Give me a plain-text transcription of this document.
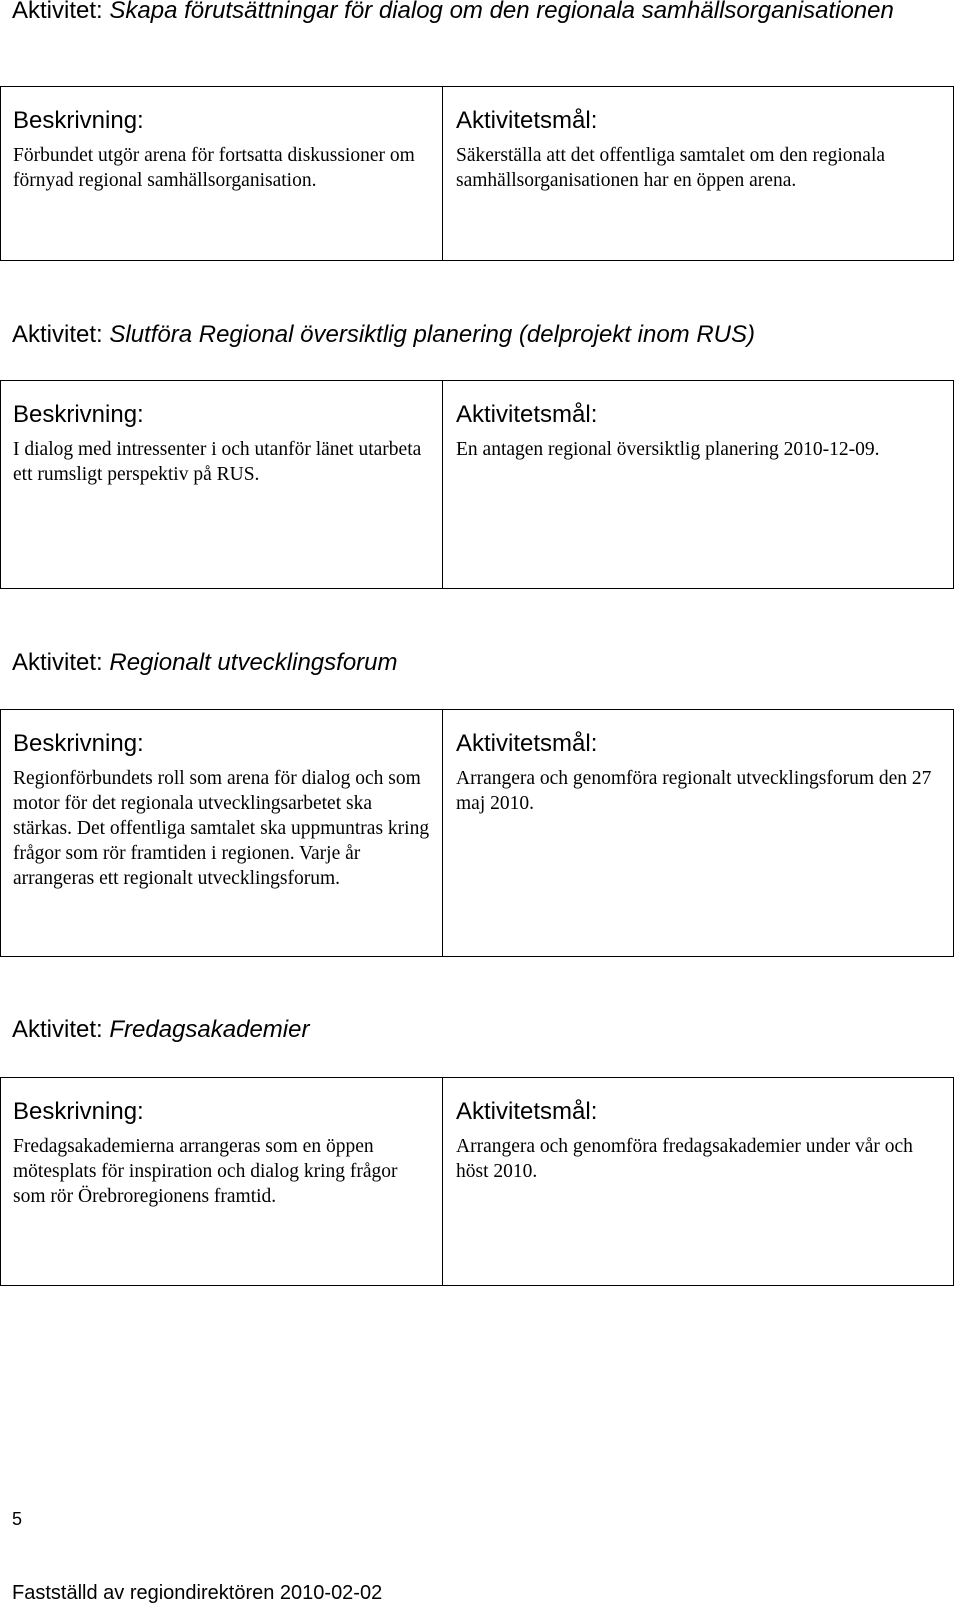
Aktivitet: Skapa förutsättningar för dialog om den regionala samhällsorganisationen
Beskrivning:

Förbundet utgör arena för fortsatta diskussioner om förnyad regional samhällsorganisation.

Aktivitetsmål:

Säkerställa att det offentliga samtalet om den regionala samhällsorganisationen har en öppen arena.

Aktivitet: Slutföra Regional översiktlig planering (delprojekt inom RUS)
Beskrivning:

I dialog med intressenter i och utanför länet utarbeta ett rumsligt perspektiv på RUS.

Aktivitetsmål:

En antagen regional översiktlig planering 2010-12-09.

Aktivitet: Regionalt utvecklingsforum
Beskrivning:

Regionförbundets roll som arena för dialog och som motor för det regionala utvecklingsarbetet ska stärkas. Det offentliga samtalet ska uppmuntras kring frågor som rör framtiden i regionen. Varje år arrangeras ett regionalt utvecklingsforum.

Aktivitetsmål:

Arrangera och genomföra regionalt utvecklingsforum den 27 maj 2010.

Aktivitet: Fredagsakademier
Beskrivning:

Fredagsakademierna arrangeras som en öppen mötesplats för inspiration och dialog kring frågor som rör Örebroregionens framtid.

Aktivitetsmål:

Arrangera och genomföra fredagsakademier under vår och höst 2010.

5
Fastställd av regiondirektören 2010-02-02
